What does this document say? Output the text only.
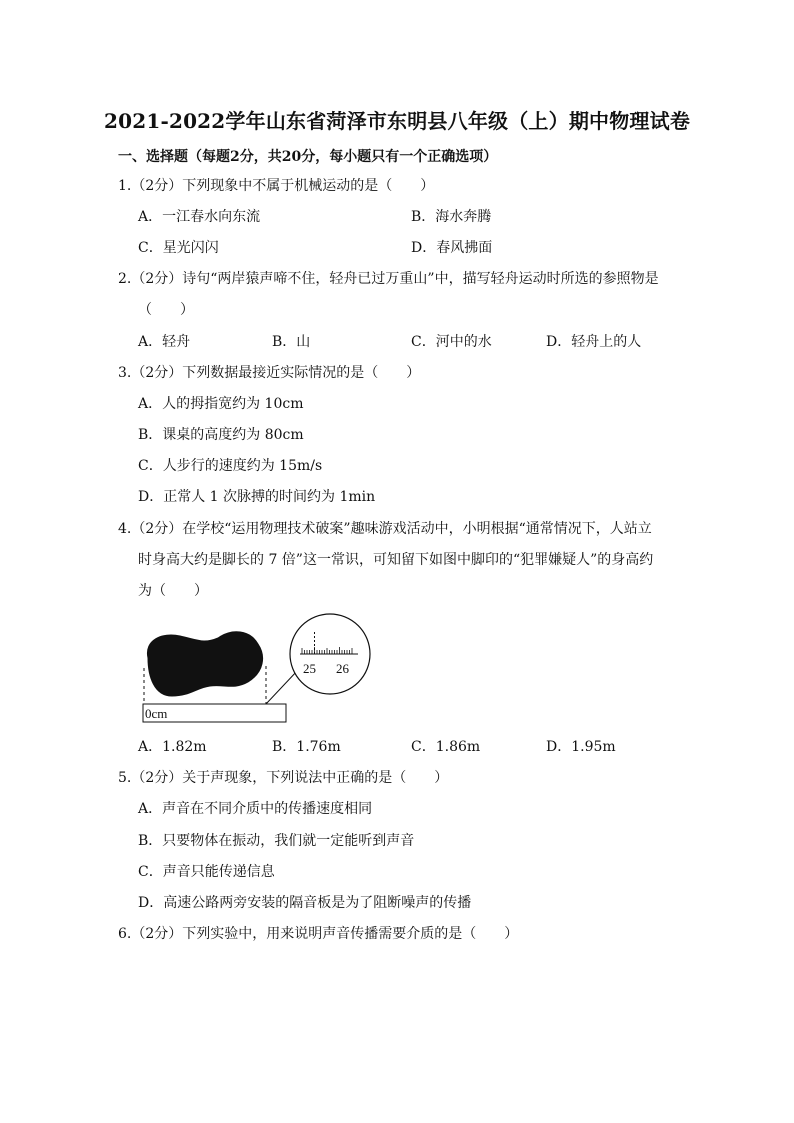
2021-2022学年山东省菏泽市东明县八年级（上）期中物理试卷
一、选择题（每题2分，共20分，每小题只有一个正确选项）
1.（2分）下列现象中不属于机械运动的是（　　）
A．一江春水向东流	B．海水奔腾
C．星光闪闪	D．春风拂面
2.（2分）诗句“两岸猿声啼不住，轻舟已过万重山”中，描写轻舟运动时所选的参照物是
（　　）
A．轻舟	B．山	C．河中的水	D．轻舟上的人
3.（2分）下列数据最接近实际情况的是（　　）
A．人的拇指宽约为 10cm
B．课桌的高度约为 80cm
C．人步行的速度约为 15m/s
D．正常人 1 次脉搏的时间约为 1min
4.（2分）在学校“运用物理技术破案”趣味游戏活动中，小明根据“通常情况下，人站立
时身高大约是脚长的 7 倍”这一常识，可知留下如图中脚印的“犯罪嫌疑人”的身高约
为（　　）
0cm
25 26
A．1.82m	B．1.76m	C．1.86m	D．1.95m
5.（2分）关于声现象，下列说法中正确的是（　　）
A．声音在不同介质中的传播速度相同
B．只要物体在振动，我们就一定能听到声音
C．声音只能传递信息
D．高速公路两旁安装的隔音板是为了阻断噪声的传播
6.（2分）下列实验中，用来说明声音传播需要介质的是（　　）
